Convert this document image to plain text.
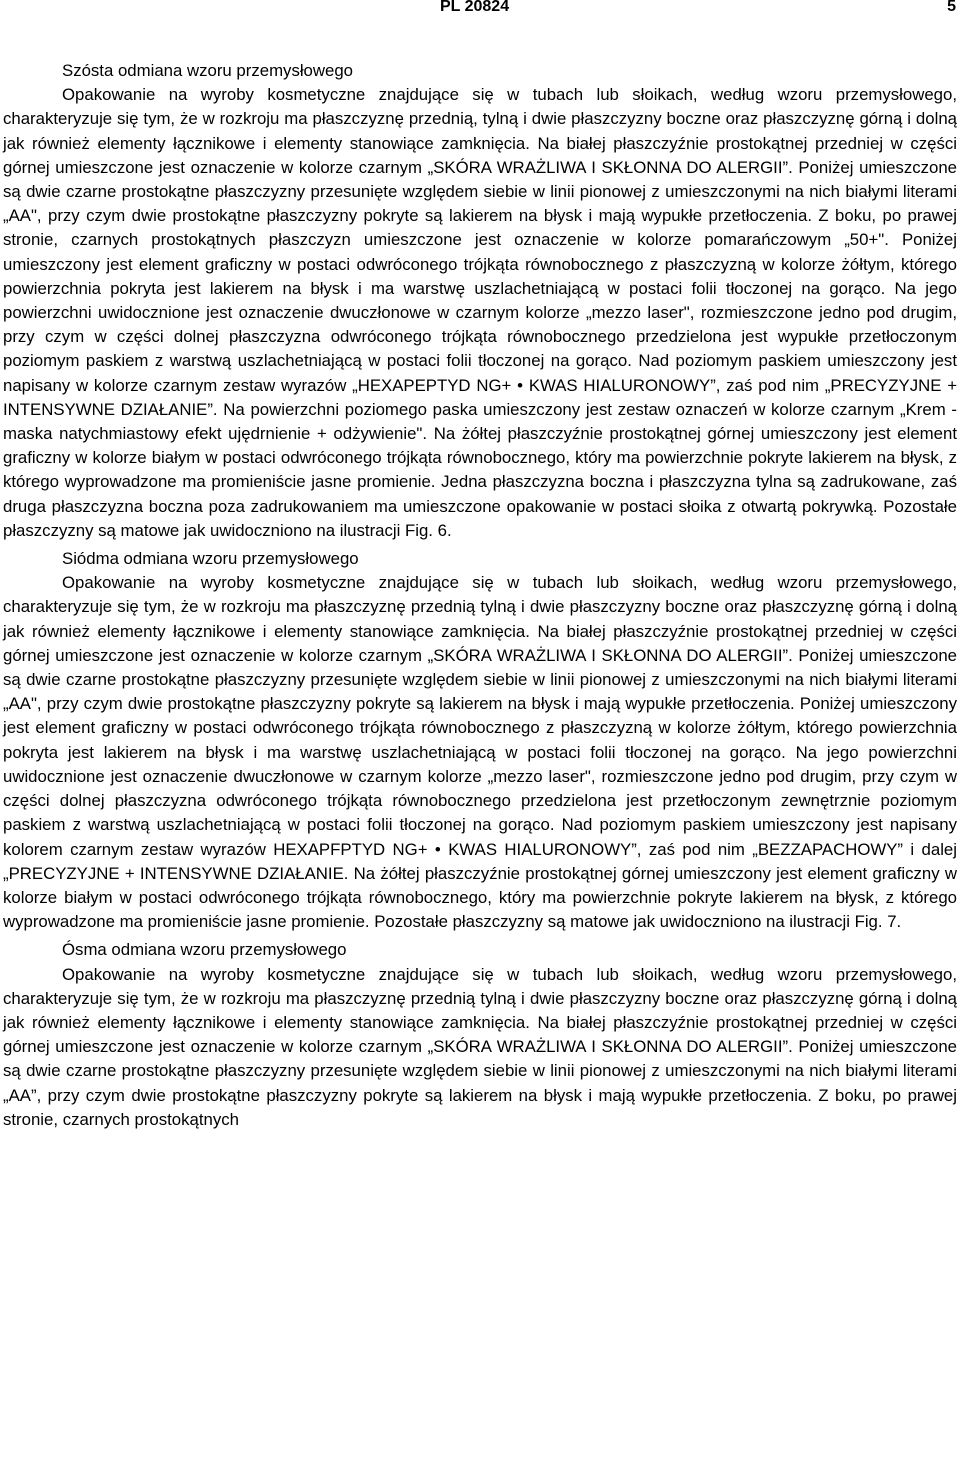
PL 20824	5
Szósta odmiana wzoru przemysłowego

Opakowanie na wyroby kosmetyczne znajdujące się w tubach lub słoikach, według wzoru przemysłowego, charakteryzuje się tym, że w rozkroju ma płaszczyznę przednią, tylną i dwie płaszczyzny boczne oraz płaszczyznę górną i dolną jak również elementy łącznikowe i elementy stanowiące zamknięcia. Na białej płaszczyźnie prostokątnej przedniej w części górnej umieszczone jest oznaczenie w kolorze czarnym „SKÓRA WRAŻLIWA I SKŁONNA DO ALERGII”. Poniżej umieszczone są dwie czarne prostokątne płaszczyzny przesunięte względem siebie w linii pionowej z umieszczonymi na nich białymi literami „AA", przy czym dwie prostokątne płaszczyzny pokryte są lakierem na błysk i mają wypukłe przetłoczenia. Z boku, po prawej stronie, czarnych prostokątnych płaszczyzn umieszczone jest oznaczenie w kolorze pomarańczowym „50+". Poniżej umieszczony jest element graficzny w postaci odwróconego trójkąta równobocznego z płaszczyzną w kolorze żółtym, którego powierzchnia pokryta jest lakierem na błysk i ma warstwę uszlachetniającą w postaci folii tłoczonej na gorąco. Na jego powierzchni uwidocznione jest oznaczenie dwuczłonowe w czarnym kolorze „mezzo laser", rozmieszczone jedno pod drugim, przy czym w części dolnej płaszczyzna odwróconego trójkąta równobocznego przedzielona jest wypukłe przetłoczonym poziomym paskiem z warstwą uszlachetniającą w postaci folii tłoczonej na gorąco. Nad poziomym paskiem umieszczony jest napisany w kolorze czarnym zestaw wyrazów „HEXAPEPTYD NG+ • KWAS HIALURONOWY”, zaś pod nim „PRECYZYJNE + INTENSYWNE DZIAŁANIE”. Na powierzchni poziomego paska umieszczony jest zestaw oznaczeń w kolorze czarnym „Krem - maska natychmiastowy efekt ujędrnienie + odżywienie". Na żółtej płaszczyźnie prostokątnej górnej umieszczony jest element graficzny w kolorze białym w postaci odwróconego trójkąta równobocznego, który ma powierzchnie pokryte lakierem na błysk, z którego wyprowadzone ma promieniście jasne promienie. Jedna płaszczyzna boczna i płaszczyzna tylna są zadrukowane, zaś druga płaszczyzna boczna poza zadrukowaniem ma umieszczone opakowanie w postaci słoika z otwartą pokrywką. Pozostałe płaszczyzny są matowe jak uwidoczniono na ilustracji Fig. 6.

Siódma odmiana wzoru przemysłowego

Opakowanie na wyroby kosmetyczne znajdujące się w tubach lub słoikach, według wzoru przemysłowego, charakteryzuje się tym, że w rozkroju ma płaszczyznę przednią tylną i dwie płaszczyzny boczne oraz płaszczyznę górną i dolną jak również elementy łącznikowe i elementy stanowiące zamknięcia. Na białej płaszczyźnie prostokątnej przedniej w części górnej umieszczone jest oznaczenie w kolorze czarnym „SKÓRA WRAŻLIWA I SKŁONNA DO ALERGII”. Poniżej umieszczone są dwie czarne prostokątne płaszczyzny przesunięte względem siebie w linii pionowej z umieszczonymi na nich białymi literami „AA", przy czym dwie prostokątne płaszczyzny pokryte są lakierem na błysk i mają wypukłe przetłoczenia. Poniżej umieszczony jest element graficzny w postaci odwróconego trójkąta równobocznego z płaszczyzną w kolorze żółtym, którego powierzchnia pokryta jest lakierem na błysk i ma warstwę uszlachetniającą w postaci folii tłoczonej na gorąco. Na jego powierzchni uwidocznione jest oznaczenie dwuczłonowe w czarnym kolorze „mezzo laser", rozmieszczone jedno pod drugim, przy czym w części dolnej płaszczyzna odwróconego trójkąta równobocznego przedzielona jest przetłoczonym zewnętrznie poziomym paskiem z warstwą uszlachetniającą w postaci folii tłoczonej na gorąco. Nad poziomym paskiem umieszczony jest napisany kolorem czarnym zestaw wyrazów HEXAPFPTYD NG+ • KWAS HIALURONOWY”, zaś pod nim „BEZZAPACHOWY” i dalej „PRECYZYJNE + INTENSYWNE DZIAŁANIE. Na żółtej płaszczyźnie prostokątnej górnej umieszczony jest element graficzny w kolorze białym w postaci odwróconego trójkąta równobocznego, który ma powierzchnie pokryte lakierem na błysk, z którego wyprowadzone ma promieniście jasne promienie. Pozostałe płaszczyzny są matowe jak uwidoczniono na ilustracji Fig. 7.

Ósma odmiana wzoru przemysłowego

Opakowanie na wyroby kosmetyczne znajdujące się w tubach lub słoikach, według wzoru przemysłowego, charakteryzuje się tym, że w rozkroju ma płaszczyznę przednią tylną i dwie płaszczyzny boczne oraz płaszczyznę górną i dolną jak również elementy łącznikowe i elementy stanowiące zamknięcia. Na białej płaszczyźnie prostokątnej przedniej w części górnej umieszczone jest oznaczenie w kolorze czarnym „SKÓRA WRAŻLIWA I SKŁONNA DO ALERGII”. Poniżej umieszczone są dwie czarne prostokątne płaszczyzny przesunięte względem siebie w linii pionowej z umieszczonymi na nich białymi literami „AA”, przy czym dwie prostokątne płaszczyzny pokryte są lakierem na błysk i mają wypukłe przetłoczenia. Z boku, po prawej stronie, czarnych prostokątnych
